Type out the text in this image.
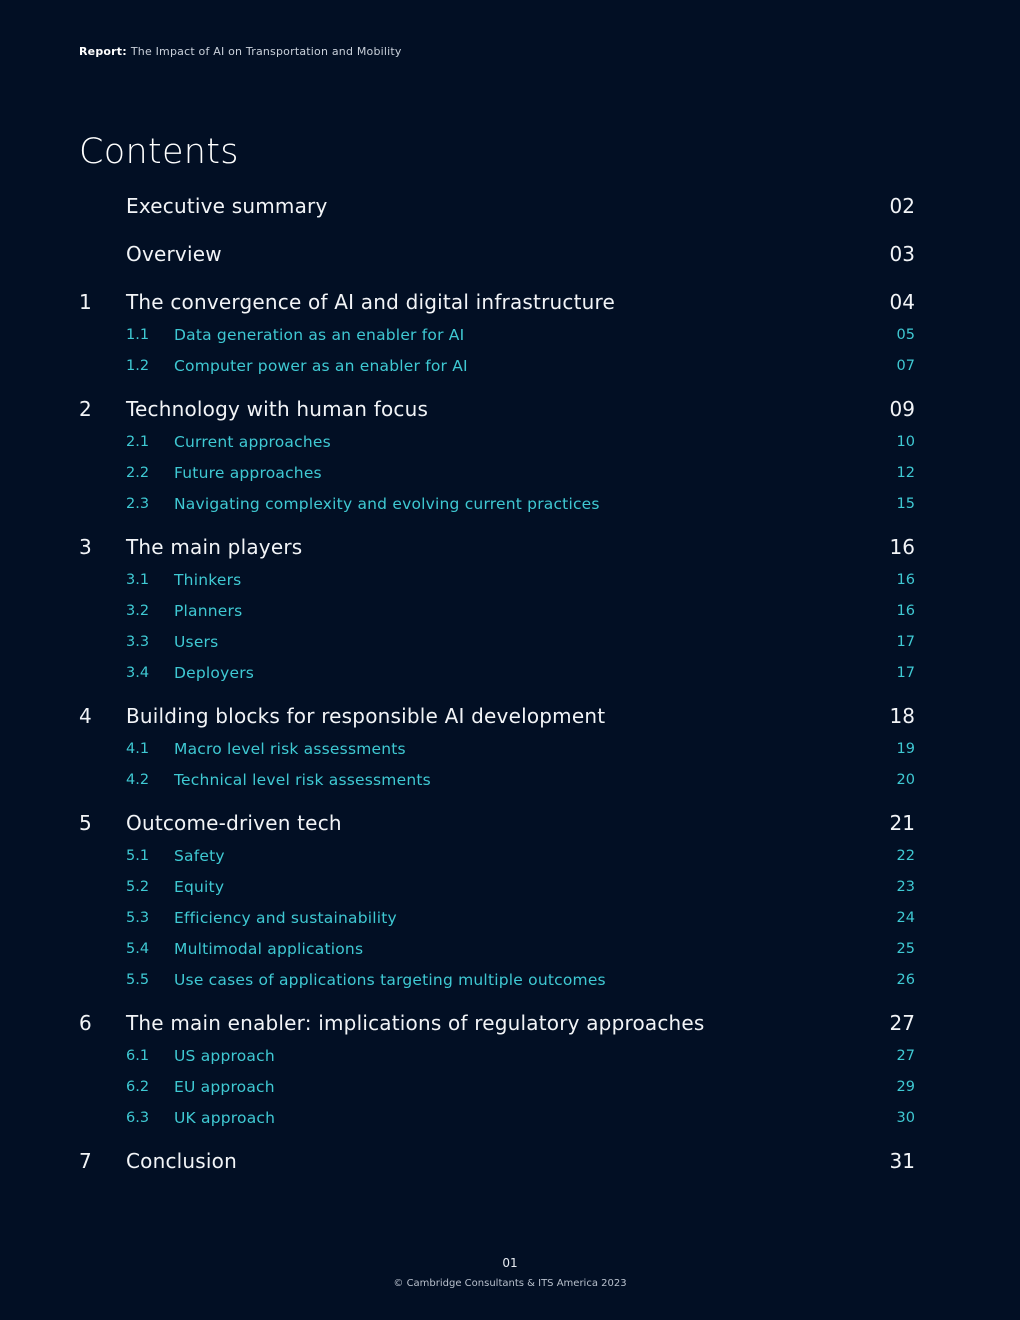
Report: The Impact of AI on Transportation and Mobility
Contents
Executive summary	02
Overview	03
1	The convergence of AI and digital infrastructure	04
1.1	Data generation as an enabler for AI	05
1.2	Computer power as an enabler for AI	07
2	Technology with human focus	09
2.1	Current approaches	10
2.2	Future approaches	12
2.3	Navigating complexity and evolving current practices	15
3	The main players	16
3.1	Thinkers	16
3.2	Planners	16
3.3	Users	17
3.4	Deployers	17
4	Building blocks for responsible AI development	18
4.1	Macro level risk assessments	19
4.2	Technical level risk assessments	20
5	Outcome-driven tech	21
5.1	Safety	22
5.2	Equity	23
5.3	Efficiency and sustainability	24
5.4	Multimodal applications	25
5.5	Use cases of applications targeting multiple outcomes	26
6	The main enabler: implications of regulatory approaches	27
6.1	US approach	27
6.2	EU approach	29
6.3	UK approach	30
7	Conclusion	31
01
© Cambridge Consultants & ITS America 2023
